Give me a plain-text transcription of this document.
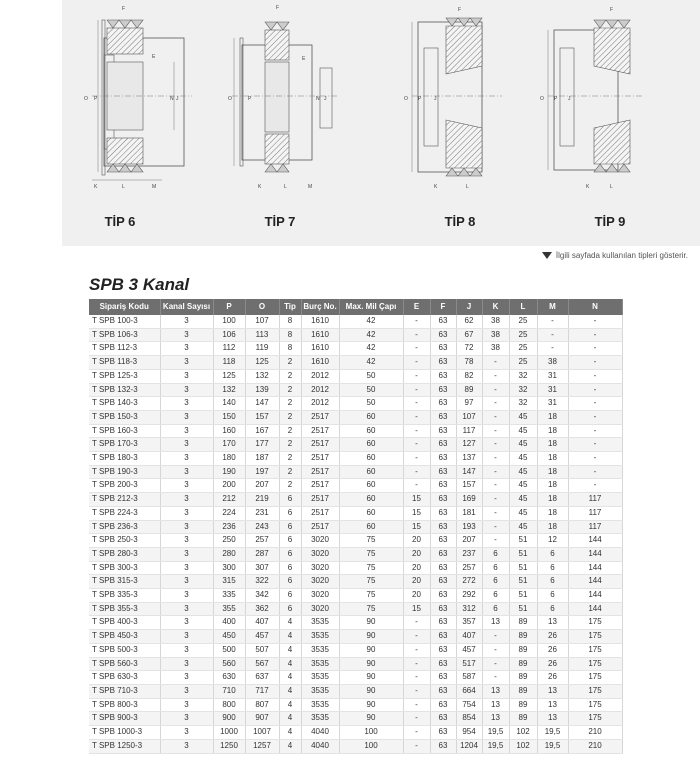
F
E
O P	J
N
K	L	M
F
E
O	P	J
N
K	L	M
F
O P	J
K	L
F
O P J
K	L
TİP 6	TİP 7	TİP 8	TİP 9
İlgili sayfada kullanılan tipleri gösterir.
SPB 3 Kanal
Sipariş Kodu	Kanal Sayısı	P	O	Tip	Burç No.	Max. Mil Çapı	E	F	J	K	L	M	N
T SPB 100-3	3	100	107	8	1610	42	-	63	62	38	25	-	-
T SPB 106-3	3	106	113	8	1610	42	-	63	67	38	25	-	-
T SPB 112-3	3	112	119	8	1610	42	-	63	72	38	25	-	-
T SPB 118-3	3	118	125	2	1610	42	-	63	78	-	25	38	-
T SPB 125-3	3	125	132	2	2012	50	-	63	82	-	32	31	-
T SPB 132-3	3	132	139	2	2012	50	-	63	89	-	32	31	-
T SPB 140-3	3	140	147	2	2012	50	-	63	97	-	32	31	-
T SPB 150-3	3	150	157	2	2517	60	-	63	107	-	45	18	-
T SPB 160-3	3	160	167	2	2517	60	-	63	117	-	45	18	-
T SPB 170-3	3	170	177	2	2517	60	-	63	127	-	45	18	-
T SPB 180-3	3	180	187	2	2517	60	-	63	137	-	45	18	-
T SPB 190-3	3	190	197	2	2517	60	-	63	147	-	45	18	-
T SPB 200-3	3	200	207	2	2517	60	-	63	157	-	45	18	-
T SPB 212-3	3	212	219	6	2517	60	15	63	169	-	45	18	117
T SPB 224-3	3	224	231	6	2517	60	15	63	181	-	45	18	117
T SPB 236-3	3	236	243	6	2517	60	15	63	193	-	45	18	117
T SPB 250-3	3	250	257	6	3020	75	20	63	207	-	51	12	144
T SPB 280-3	3	280	287	6	3020	75	20	63	237	6	51	6	144
T SPB 300-3	3	300	307	6	3020	75	20	63	257	6	51	6	144
T SPB 315-3	3	315	322	6	3020	75	20	63	272	6	51	6	144
T SPB 335-3	3	335	342	6	3020	75	20	63	292	6	51	6	144
T SPB 355-3	3	355	362	6	3020	75	15	63	312	6	51	6	144
T SPB 400-3	3	400	407	4	3535	90	-	63	357	13	89	13	175
T SPB 450-3	3	450	457	4	3535	90	-	63	407	-	89	26	175
T SPB 500-3	3	500	507	4	3535	90	-	63	457	-	89	26	175
T SPB 560-3	3	560	567	4	3535	90	-	63	517	-	89	26	175
T SPB 630-3	3	630	637	4	3535	90	-	63	587	-	89	26	175
T SPB 710-3	3	710	717	4	3535	90	-	63	664	13	89	13	175
T SPB 800-3	3	800	807	4	3535	90	-	63	754	13	89	13	175
T SPB 900-3	3	900	907	4	3535	90	-	63	854	13	89	13	175
T SPB 1000-3	3	1000	1007	4	4040	100	-	63	954	19,5	102	19,5	210
T SPB 1250-3	3	1250	1257	4	4040	100	-	63	1204	19,5	102	19,5	210
